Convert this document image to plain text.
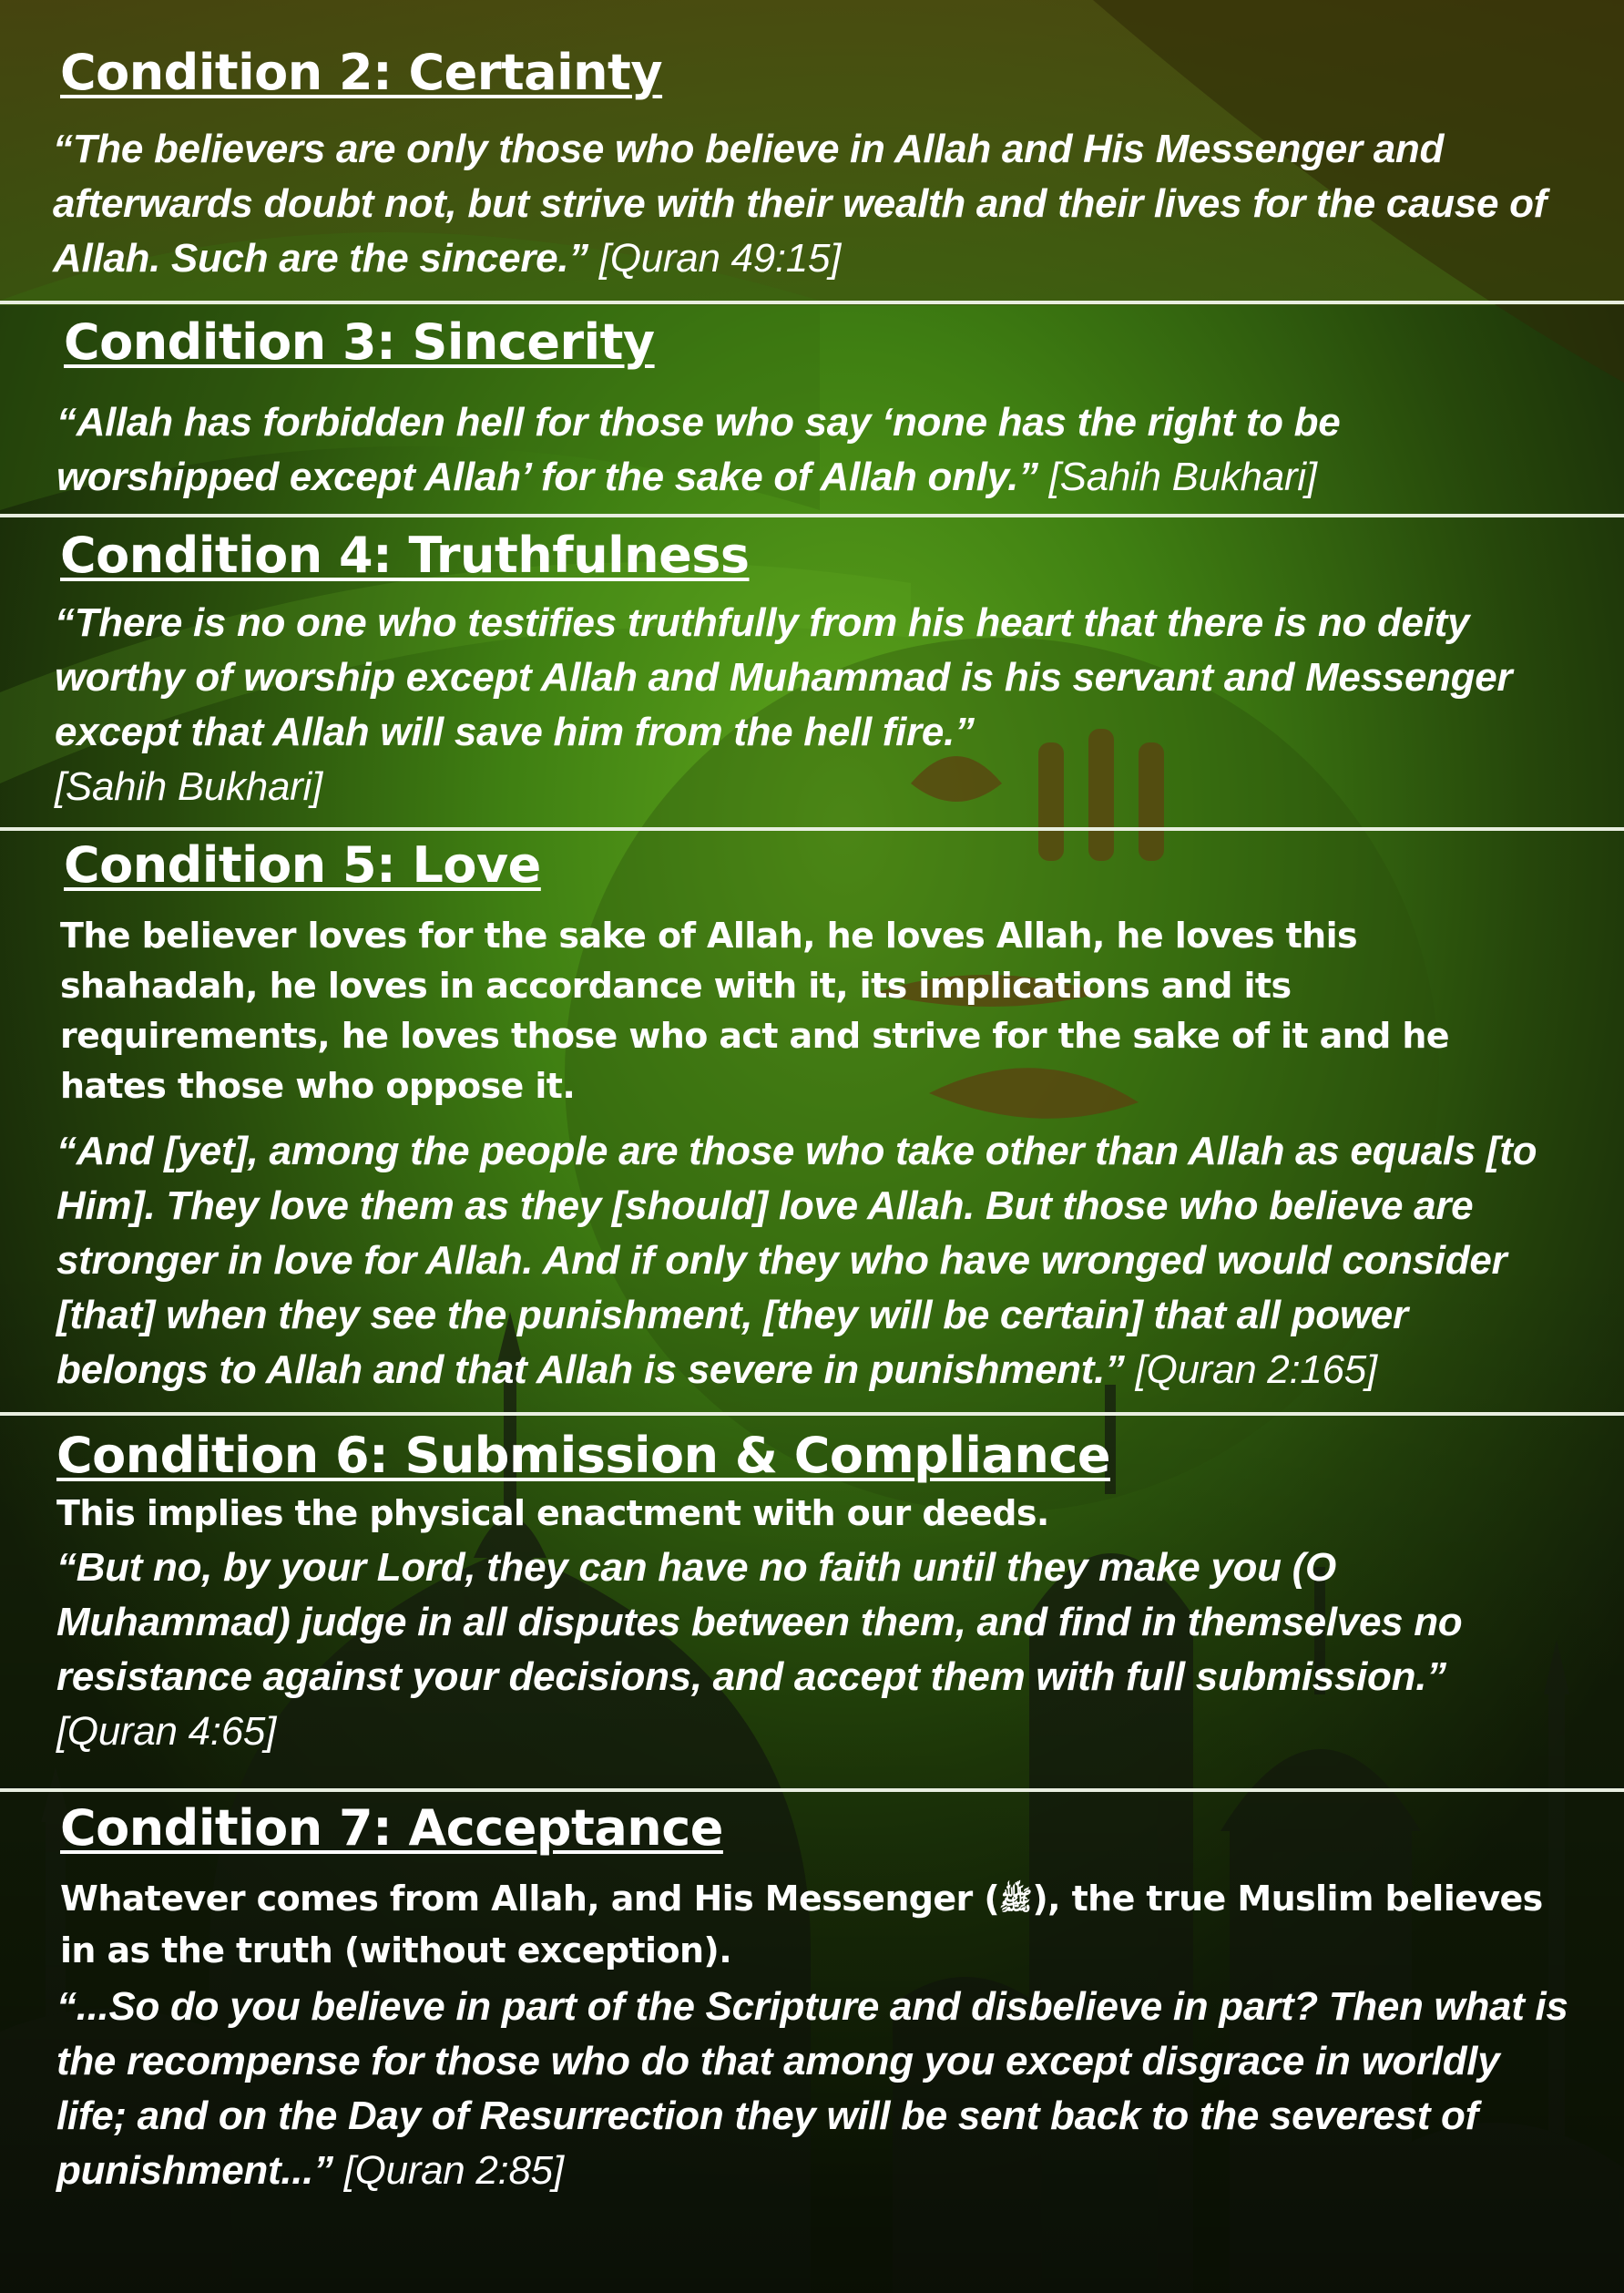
Condition 2: Certainty

“The believers are only those who believe in Allah and His Messenger and afterwards doubt not, but strive with their wealth and their lives for the cause of Allah. Such are the sincere.” [Quran 49:15]

Condition 3: Sincerity

“Allah has forbidden hell for those who say ‘none has the right to be worshipped except Allah’ for the sake of Allah only.” [Sahih Bukhari]

Condition 4: Truthfulness

“There is no one who testifies truthfully from his heart that there is no deity worthy of worship except Allah and Muhammad is his servant and Messenger except that Allah will save him from the hell fire.”
[Sahih Bukhari]

Condition 5: Love

The believer loves for the sake of Allah, he loves Allah, he loves this shahadah, he loves in accordance with it, its implications and its requirements, he loves those who act and strive for the sake of it and he hates those who oppose it.

“And [yet], among the people are those who take other than Allah as equals [to Him]. They love them as they [should] love Allah. But those who believe are stronger in love for Allah. And if only they who have wronged would consider [that] when they see the punishment, [they will be certain] that all power belongs to Allah and that Allah is severe in punishment.” [Quran 2:165]

Condition 6: Submission & Compliance

This implies the physical enactment with our deeds.

“But no, by your Lord, they can have no faith until they make you (O Muhammad) judge in all disputes between them, and find in themselves no resistance against your decisions, and accept them with full submission.” [Quran 4:65]

Condition 7: Acceptance

Whatever comes from Allah, and His Messenger (ﷺ), the true Muslim believes in as the truth (without exception).

“...So do you believe in part of the Scripture and disbelieve in part? Then what is the recompense for those who do that among you except disgrace in worldly life; and on the Day of Resurrection they will be sent back to the severest of punishment...” [Quran 2:85]
